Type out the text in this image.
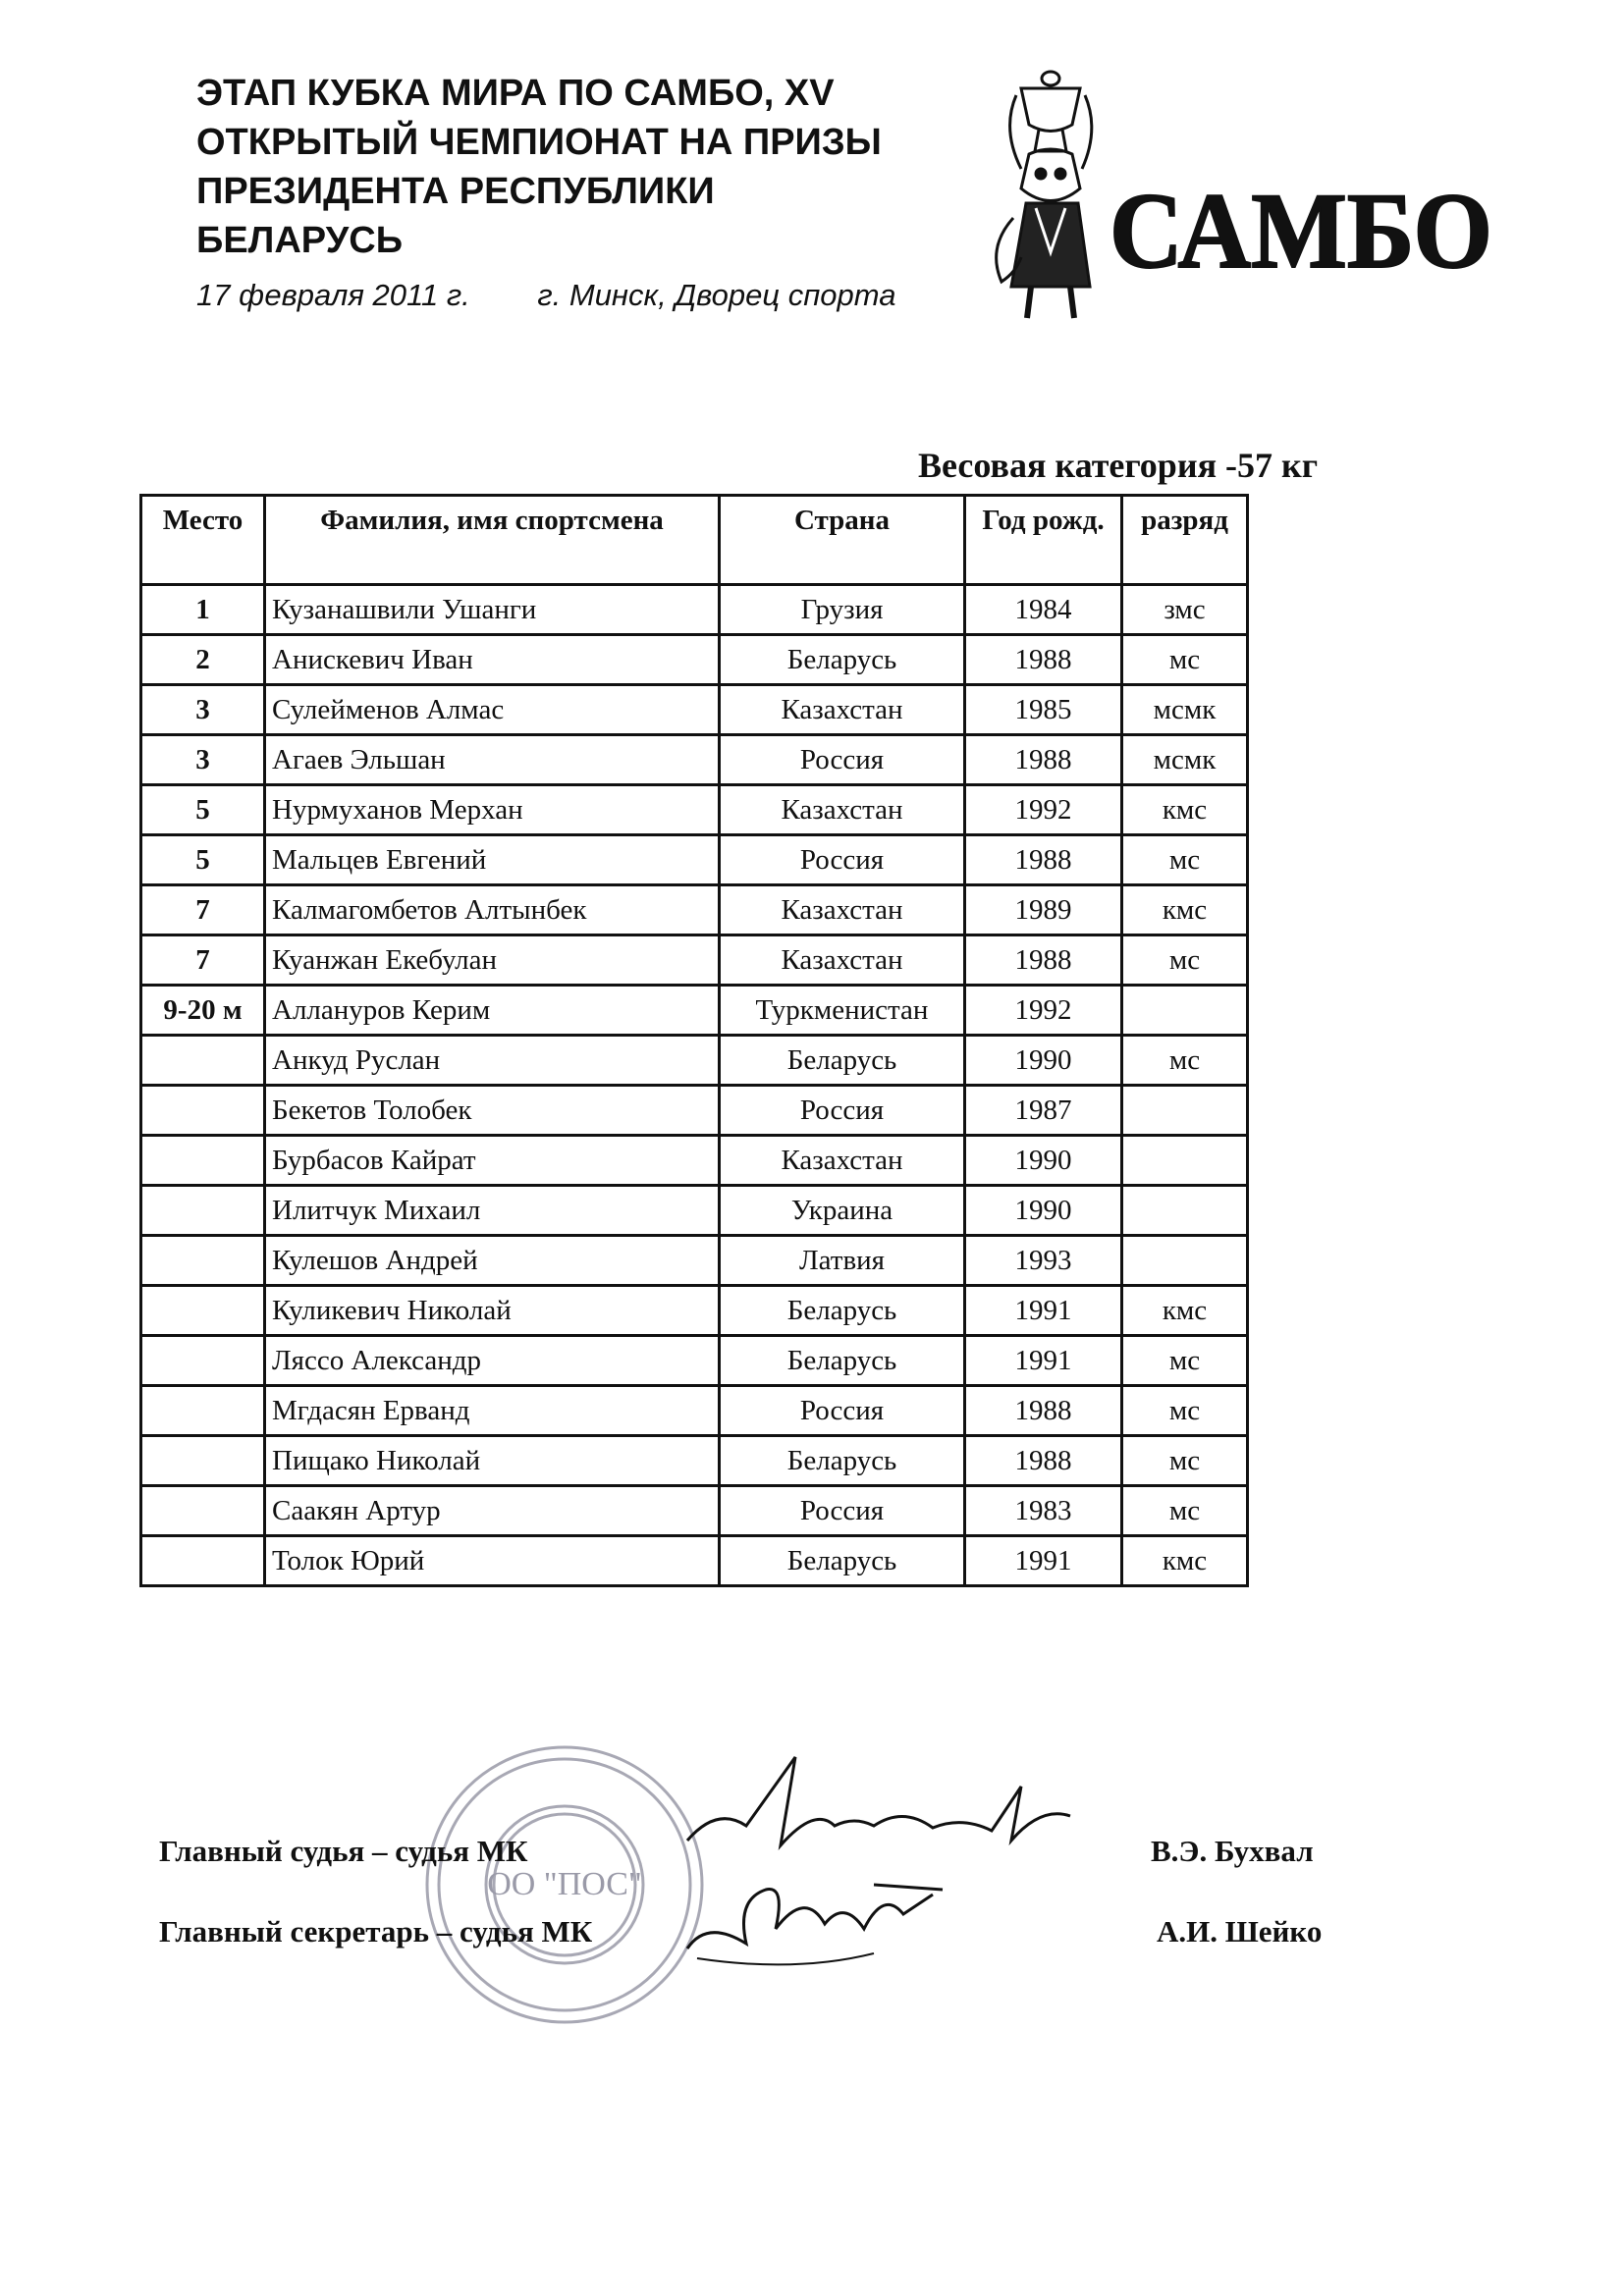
ЭТАП КУБКА МИРА ПО САМБО, XV
ОТКРЫТЫЙ ЧЕМПИОНАТ НА ПРИЗЫ
ПРЕЗИДЕНТА РЕСПУБЛИКИ
БЕЛАРУСЬ
17 февраля 2011 г. г. Минск, Дворец спорта
САМБО
Весовая категория -57 кг
Место	Фамилия, имя спортсмена	Страна	Год рожд.	разряд
1	Кузанашвили Ушанги	Грузия	1984	змс
2	Анискевич Иван	Беларусь	1988	мс
3	Сулейменов Алмас	Казахстан	1985	мсмк
3	Агаев Эльшан	Россия	1988	мсмк
5	Нурмуханов Мерхан	Казахстан	1992	кмс
5	Мальцев Евгений	Россия	1988	мс
7	Калмагомбетов Алтынбек	Казахстан	1989	кмс
7	Куанжан Екебулан	Казахстан	1988	мс
9-20 м	Аллануров Керим	Туркменистан	1992	
	Анкуд Руслан	Беларусь	1990	мс
	Бекетов Толобек	Россия	1987	
	Бурбасов Кайрат	Казахстан	1990	
	Илитчук Михаил	Украина	1990	
	Кулешов Андрей	Латвия	1993	
	Куликевич Николай	Беларусь	1991	кмс
	Ляссо Александр	Беларусь	1991	мс
	Мгдасян Ерванд	Россия	1988	мс
	Пищако Николай	Беларусь	1988	мс
	Саакян Артур	Россия	1983	мс
	Толок Юрий	Беларусь	1991	кмс
ОО "ПОС"
Главный судья – судья МК	В.Э. Бухвал
Главный секретарь – судья МК	А.И. Шейко
